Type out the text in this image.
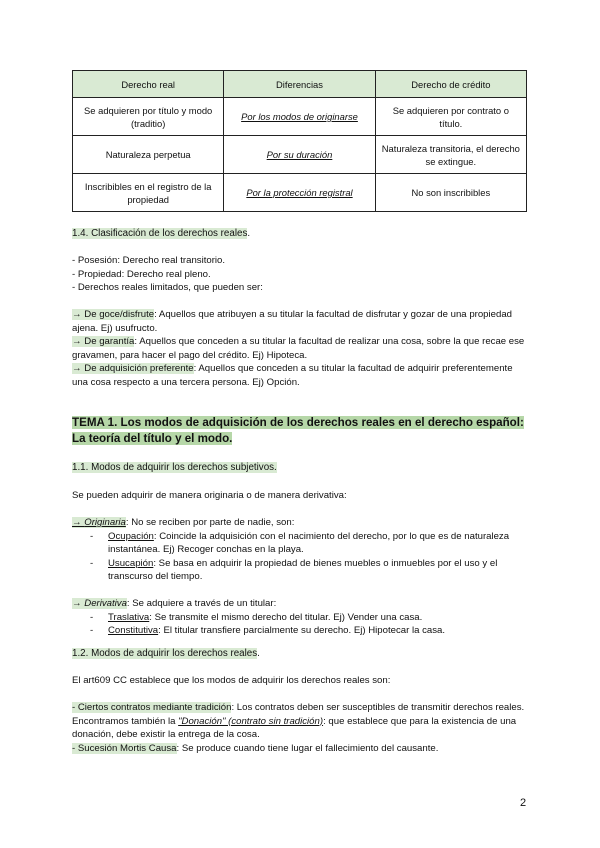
Derecho real	Diferencias	Derecho de crédito
Se adquieren por título y modo (traditio)	Por los modos de originarse	Se adquieren por contrato o título.
Naturaleza perpetua	Por su duración	Naturaleza transitoria, el derecho se extingue.
Inscribibles en el registro de la propiedad	Por la protección registral	No son inscribibles

1.4. Clasificación de los derechos reales.

- Posesión: Derecho real transitorio.

- Propiedad: Derecho real pleno.

- Derechos reales limitados, que pueden ser:

→ De goce/disfrute: Aquellos que atribuyen a su titular la facultad de disfrutar y gozar de una propiedad ajena. Ej) usufructo.

→ De garantía: Aquellos que conceden a su titular la facultad de realizar una cosa, sobre la que recae ese gravamen, para hacer el pago del crédito. Ej) Hipoteca.

→ De adquisición preferente: Aquellos que conceden a su titular la facultad de adquirir preferentemente una cosa respecto a una tercera persona. Ej) Opción.

TEMA 1. Los modos de adquisición de los derechos reales en el derecho español: La teoría del título y el modo.

1.1. Modos de adquirir los derechos subjetivos.

Se pueden adquirir de manera originaria o de manera derivativa:

→ Originaria: No se reciben por parte de nadie, son:

- Ocupación: Coincide la adquisición con el nacimiento del derecho, por lo que es de naturaleza instantánea. Ej) Recoger conchas en la playa.

- Usucapión: Se basa en adquirir la propiedad de bienes muebles o inmuebles por el uso y el transcurso del tiempo.

→ Derivativa: Se adquiere a través de un titular:

- Traslativa: Se transmite el mismo derecho del titular. Ej) Vender una casa.

- Constitutiva: El titular transfiere parcialmente su derecho. Ej) Hipotecar la casa.

1.2. Modos de adquirir los derechos reales.

El art609 CC establece que los modos de adquirir los derechos reales son:

- Ciertos contratos mediante tradición: Los contratos deben ser susceptibles de transmitir derechos reales. Encontramos también la "Donación" (contrato sin tradición): que establece que para la existencia de una donación, debe existir la entrega de la cosa.

- Sucesión Mortis Causa: Se produce cuando tiene lugar el fallecimiento del causante.

2
